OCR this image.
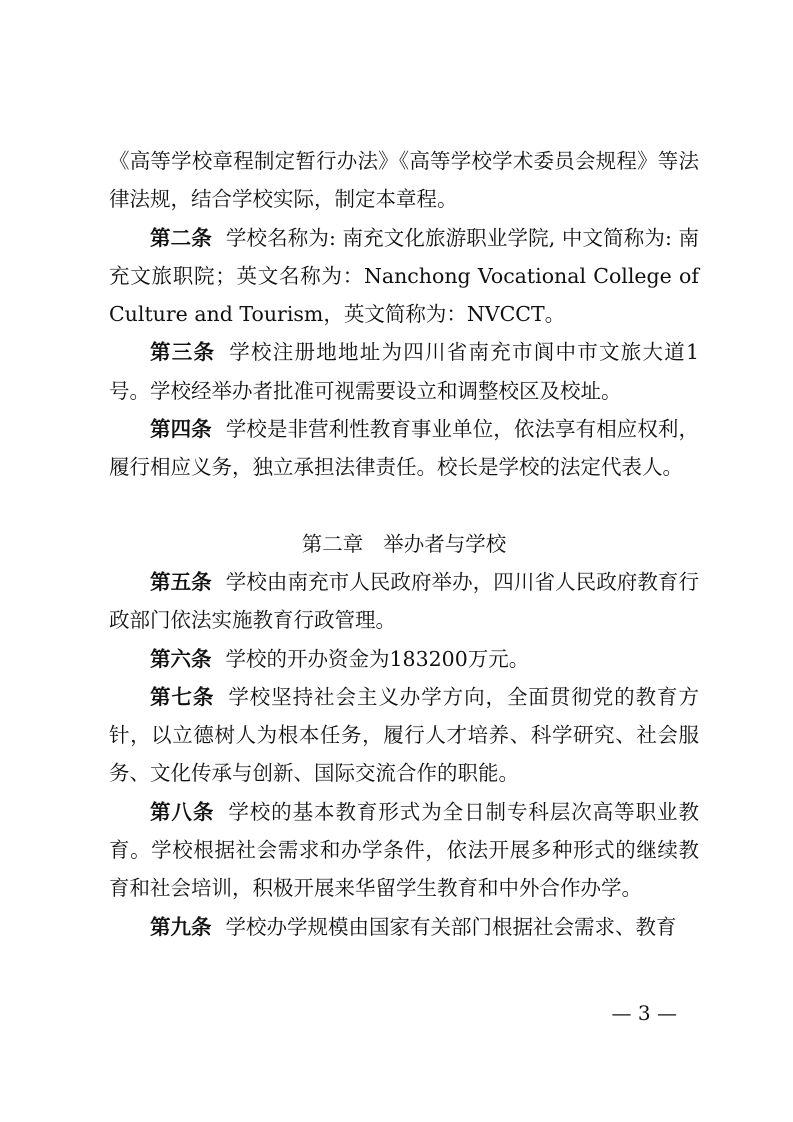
《高等学校章程制定暂行办法》《高等学校学术委员会规程》等法律法规，结合学校实际，制定本章程。

第二条 学校名称为: 南充文化旅游职业学院, 中文简称为: 南充文旅职院；英文名称为：Nanchong Vocational College of Culture and Tourism，英文简称为：NVCCT。

第三条 学校注册地地址为四川省南充市阆中市文旅大道1号。学校经举办者批准可视需要设立和调整校区及校址。

第四条 学校是非营利性教育事业单位，依法享有相应权利，履行相应义务，独立承担法律责任。校长是学校的法定代表人。

第二章 举办者与学校

第五条 学校由南充市人民政府举办，四川省人民政府教育行政部门依法实施教育行政管理。

第六条 学校的开办资金为183200万元。

第七条 学校坚持社会主义办学方向，全面贯彻党的教育方针，以立德树人为根本任务，履行人才培养、科学研究、社会服务、文化传承与创新、国际交流合作的职能。

第八条 学校的基本教育形式为全日制专科层次高等职业教育。学校根据社会需求和办学条件，依法开展多种形式的继续教育和社会培训，积极开展来华留学生教育和中外合作办学。

第九条 学校办学规模由国家有关部门根据社会需求、教育

— 3 —
